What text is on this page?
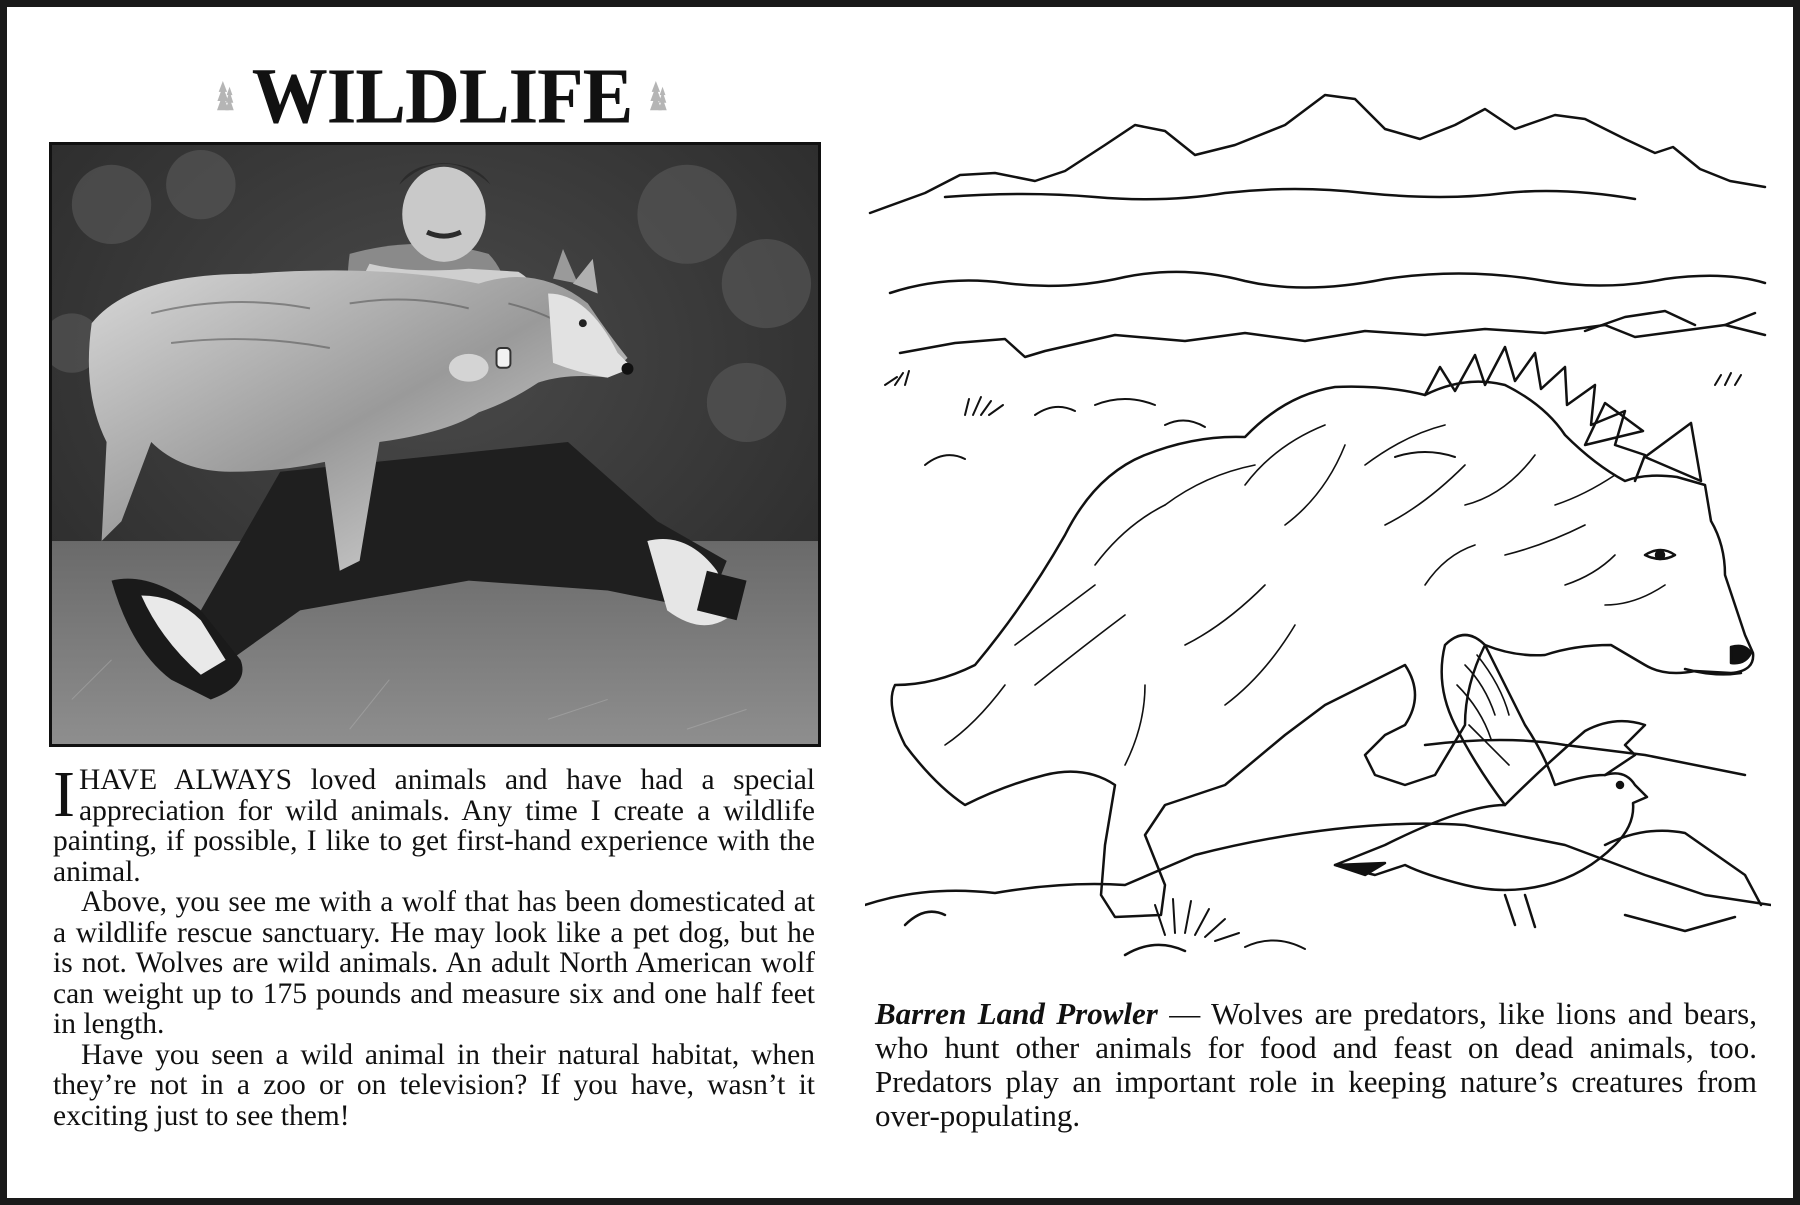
WILDLIFE

IHAVE ALWAYS loved animals and have had a special appreciation for wild animals. Any time I create a wildlife painting, if possible, I like to get first-hand experience with the animal.

Above, you see me with a wolf that has been domesticated at a wildlife rescue sanctuary. He may look like a pet dog, but he is not. Wolves are wild animals. An adult North American wolf can weight up to 175 pounds and measure six and one half feet in length.

Have you seen a wild animal in their natural habitat, when they’re not in a zoo or on television? If you have, wasn’t it exciting just to see them!

Barren Land Prowler — Wolves are predators, like lions and bears, who hunt other animals for food and feast on dead animals, too. Predators play an important role in keeping nature’s creatures from over-populating.
